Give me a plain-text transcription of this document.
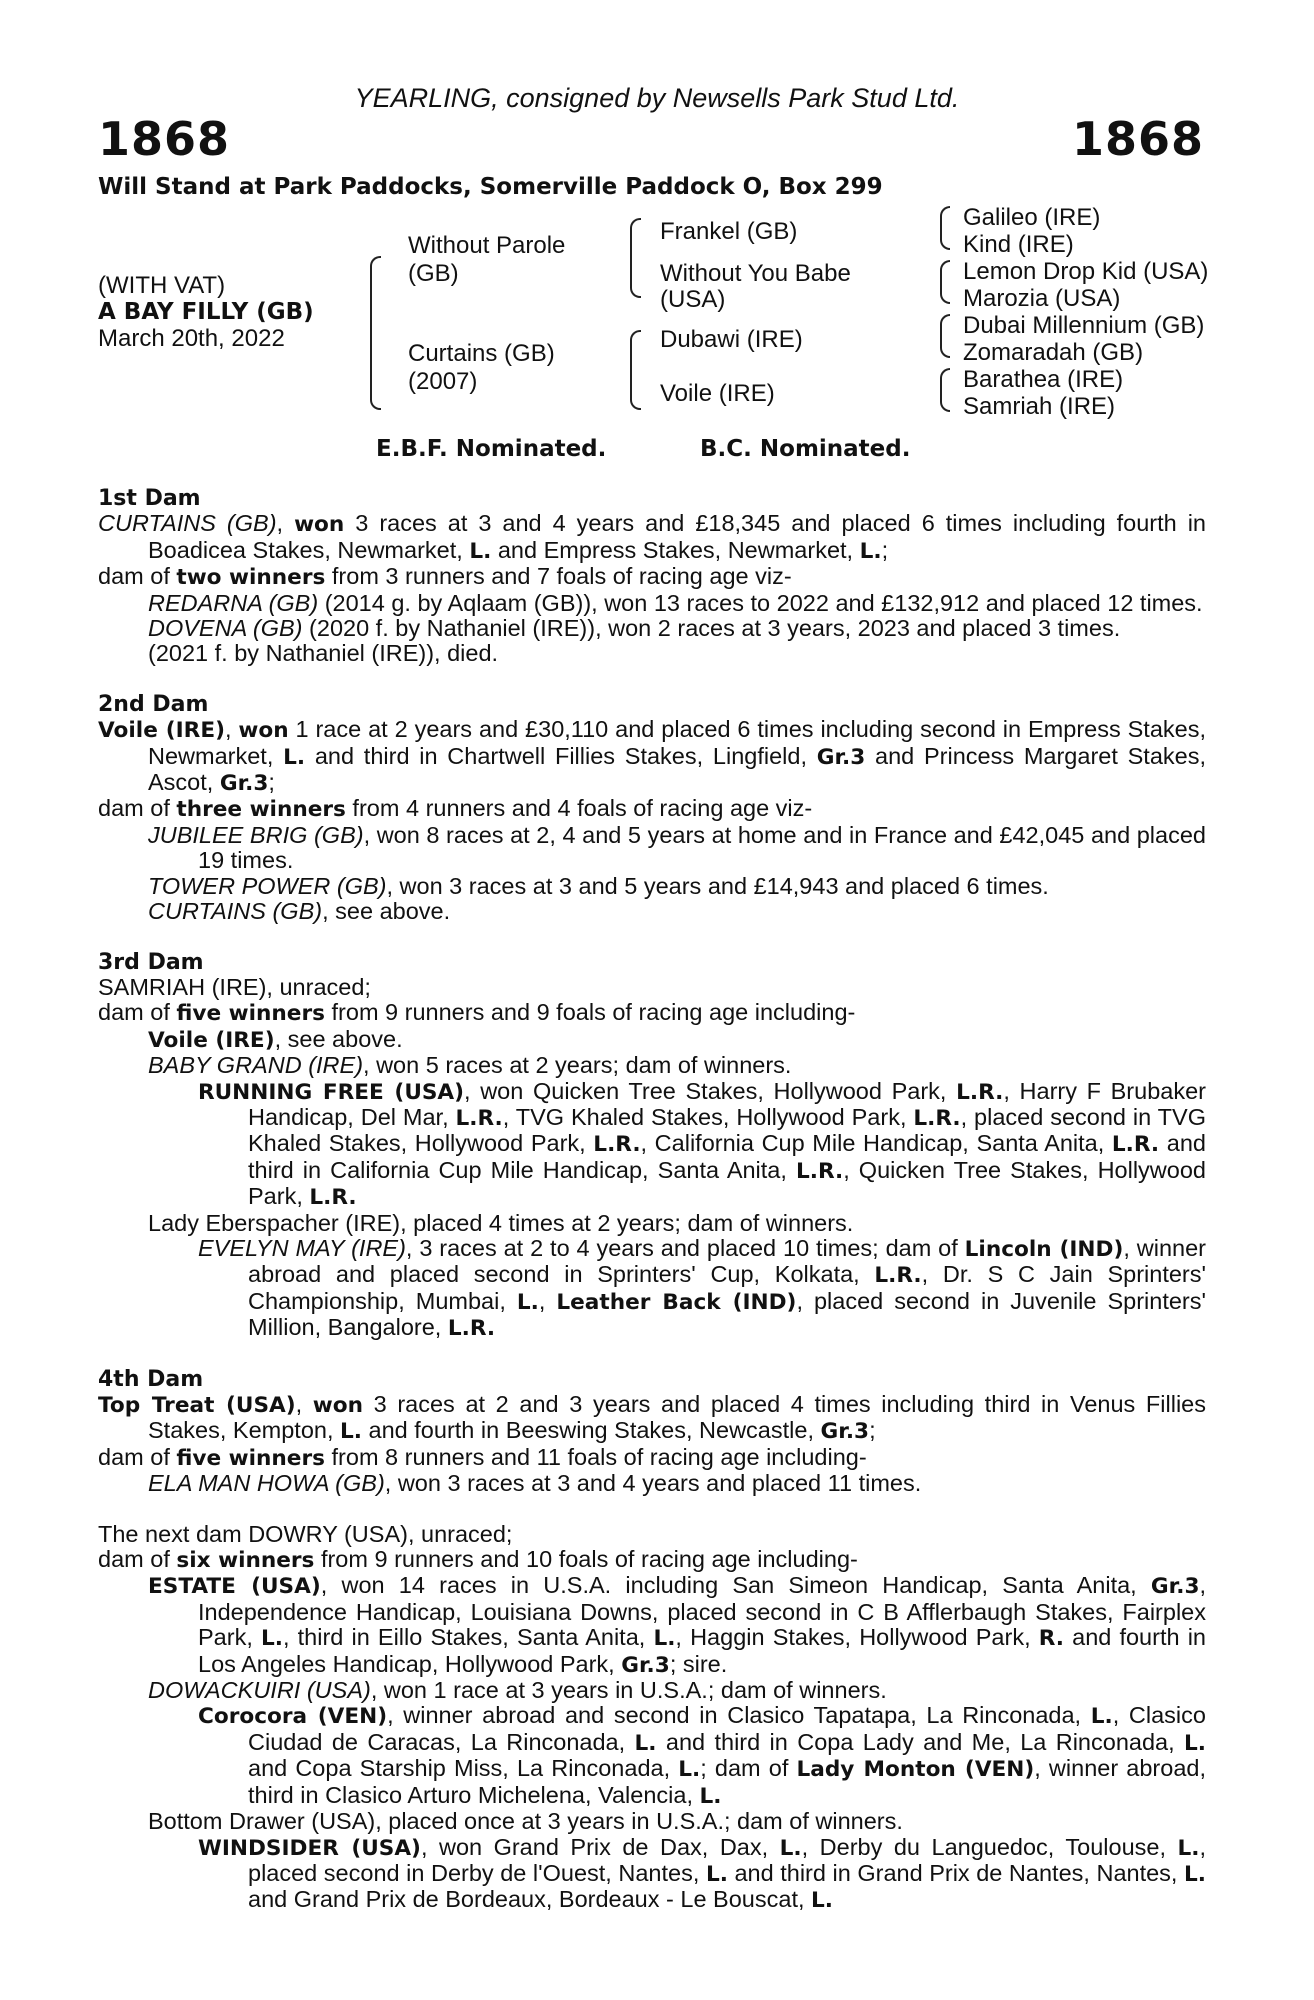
YEARLING, consigned by Newsells Park Stud Ltd.
1868	1868
Will Stand at Park Paddocks, Somerville Paddock O, Box 299
(WITH VAT)
A BAY FILLY (GB)
March 20th, 2022
Without Parole
(GB)
Curtains (GB)
(2007)
Frankel (GB)
Without You Babe
(USA)
Dubawi (IRE)
Voile (IRE)
Galileo (IRE)
Kind (IRE)
Lemon Drop Kid (USA)
Marozia (USA)
Dubai Millennium (GB)
Zomaradah (GB)
Barathea (IRE)
Samriah (IRE)
E.B.F. Nominated.	B.C. Nominated.
1st Dam
CURTAINS (GB), won 3 races at 3 and 4 years and £18,345 and placed 6 times including fourth in Boadicea Stakes, Newmarket, L. and Empress Stakes, Newmarket, L.;
dam of two winners from 3 runners and 7 foals of racing age viz-
REDARNA (GB) (2014 g. by Aqlaam (GB)), won 13 races to 2022 and £132,912 and placed 12 times.
DOVENA (GB) (2020 f. by Nathaniel (IRE)), won 2 races at 3 years, 2023 and placed 3 times.
(2021 f. by Nathaniel (IRE)), died.
2nd Dam
Voile (IRE), won 1 race at 2 years and £30,110 and placed 6 times including second in Empress Stakes, Newmarket, L. and third in Chartwell Fillies Stakes, Lingfield, Gr.3 and Princess Margaret Stakes, Ascot, Gr.3;
dam of three winners from 4 runners and 4 foals of racing age viz-
JUBILEE BRIG (GB), won 8 races at 2, 4 and 5 years at home and in France and £42,045 and placed 19 times.
TOWER POWER (GB), won 3 races at 3 and 5 years and £14,943 and placed 6 times.
CURTAINS (GB), see above.
3rd Dam
SAMRIAH (IRE), unraced;
dam of five winners from 9 runners and 9 foals of racing age including-
Voile (IRE), see above.
BABY GRAND (IRE), won 5 races at 2 years; dam of winners.
RUNNING FREE (USA), won Quicken Tree Stakes, Hollywood Park, L.R., Harry F Brubaker Handicap, Del Mar, L.R., TVG Khaled Stakes, Hollywood Park, L.R., placed second in TVG Khaled Stakes, Hollywood Park, L.R., California Cup Mile Handicap, Santa Anita, L.R. and third in California Cup Mile Handicap, Santa Anita, L.R., Quicken Tree Stakes, Hollywood Park, L.R.
Lady Eberspacher (IRE), placed 4 times at 2 years; dam of winners.
EVELYN MAY (IRE), 3 races at 2 to 4 years and placed 10 times; dam of Lincoln (IND), winner abroad and placed second in Sprinters' Cup, Kolkata, L.R., Dr. S C Jain Sprinters' Championship, Mumbai, L., Leather Back (IND), placed second in Juvenile Sprinters' Million, Bangalore, L.R.
4th Dam
Top Treat (USA), won 3 races at 2 and 3 years and placed 4 times including third in Venus Fillies Stakes, Kempton, L. and fourth in Beeswing Stakes, Newcastle, Gr.3;
dam of five winners from 8 runners and 11 foals of racing age including-
ELA MAN HOWA (GB), won 3 races at 3 and 4 years and placed 11 times.
The next dam DOWRY (USA), unraced;
dam of six winners from 9 runners and 10 foals of racing age including-
ESTATE (USA), won 14 races in U.S.A. including San Simeon Handicap, Santa Anita, Gr.3, Independence Handicap, Louisiana Downs, placed second in C B Afflerbaugh Stakes, Fairplex Park, L., third in Eillo Stakes, Santa Anita, L., Haggin Stakes, Hollywood Park, R. and fourth in Los Angeles Handicap, Hollywood Park, Gr.3; sire.
DOWACKUIRI (USA), won 1 race at 3 years in U.S.A.; dam of winners.
Corocora (VEN), winner abroad and second in Clasico Tapatapa, La Rinconada, L., Clasico Ciudad de Caracas, La Rinconada, L. and third in Copa Lady and Me, La Rinconada, L. and Copa Starship Miss, La Rinconada, L.; dam of Lady Monton (VEN), winner abroad, third in Clasico Arturo Michelena, Valencia, L.
Bottom Drawer (USA), placed once at 3 years in U.S.A.; dam of winners.
WINDSIDER (USA), won Grand Prix de Dax, Dax, L., Derby du Languedoc, Toulouse, L., placed second in Derby de l'Ouest, Nantes, L. and third in Grand Prix de Nantes, Nantes, L. and Grand Prix de Bordeaux, Bordeaux - Le Bouscat, L.
